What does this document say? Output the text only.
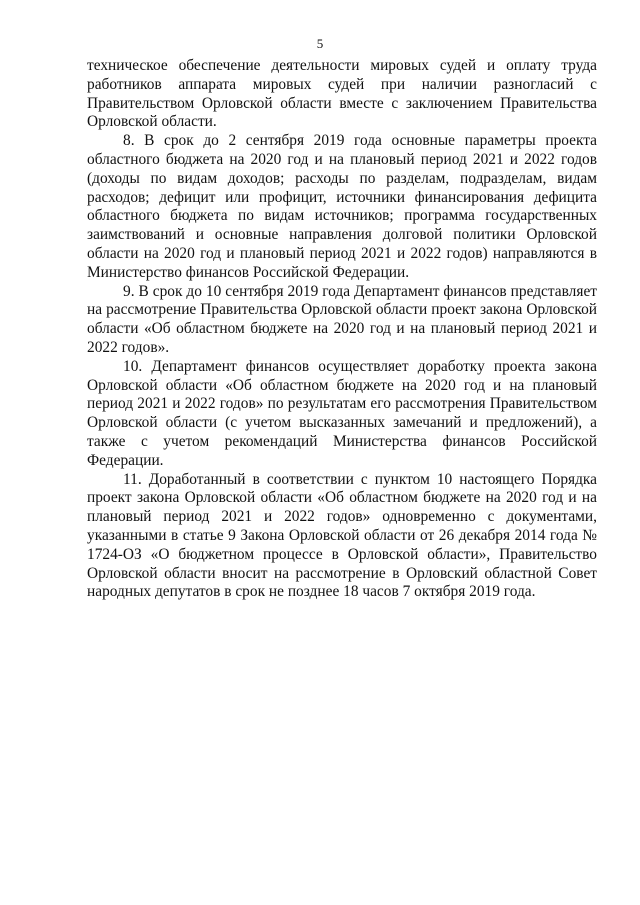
5

техническое обеспечение деятельности мировых судей и оплату труда работников аппарата мировых судей при наличии разногласий с Правительством Орловской области вместе с заключением Правительства Орловской области.

8. В срок до 2 сентября 2019 года основные параметры проекта областного бюджета на 2020 год и на плановый период 2021 и 2022 годов (доходы по видам доходов; расходы по разделам, подразделам, видам расходов; дефицит или профицит, источники финансирования дефицита областного бюджета по видам источников; программа государственных заимствований и основные направления долговой политики Орловской области на 2020 год и плановый период 2021 и 2022 годов) направляются в Министерство финансов Российской Федерации.

9. В срок до 10 сентября 2019 года Департамент финансов представляет на рассмотрение Правительства Орловской области проект закона Орловской области «Об областном бюджете на 2020 год и на плановый период 2021 и 2022 годов».

10. Департамент финансов осуществляет доработку проекта закона Орловской области «Об областном бюджете на 2020 год и на плановый период 2021 и 2022 годов» по результатам его рассмотрения Правительством Орловской области (с учетом высказанных замечаний и предложений), а также с учетом рекомендаций Министерства финансов Российской Федерации.

11. Доработанный в соответствии с пунктом 10 настоящего Порядка проект закона Орловской области «Об областном бюджете на 2020 год и на плановый период 2021 и 2022 годов» одновременно с документами, указанными в статье 9 Закона Орловской области от 26 декабря 2014 года № 1724-ОЗ «О бюджетном процессе в Орловской области», Правительство Орловской области вносит на рассмотрение в Орловский областной Совет народных депутатов в срок не позднее 18 часов 7 октября 2019 года.
